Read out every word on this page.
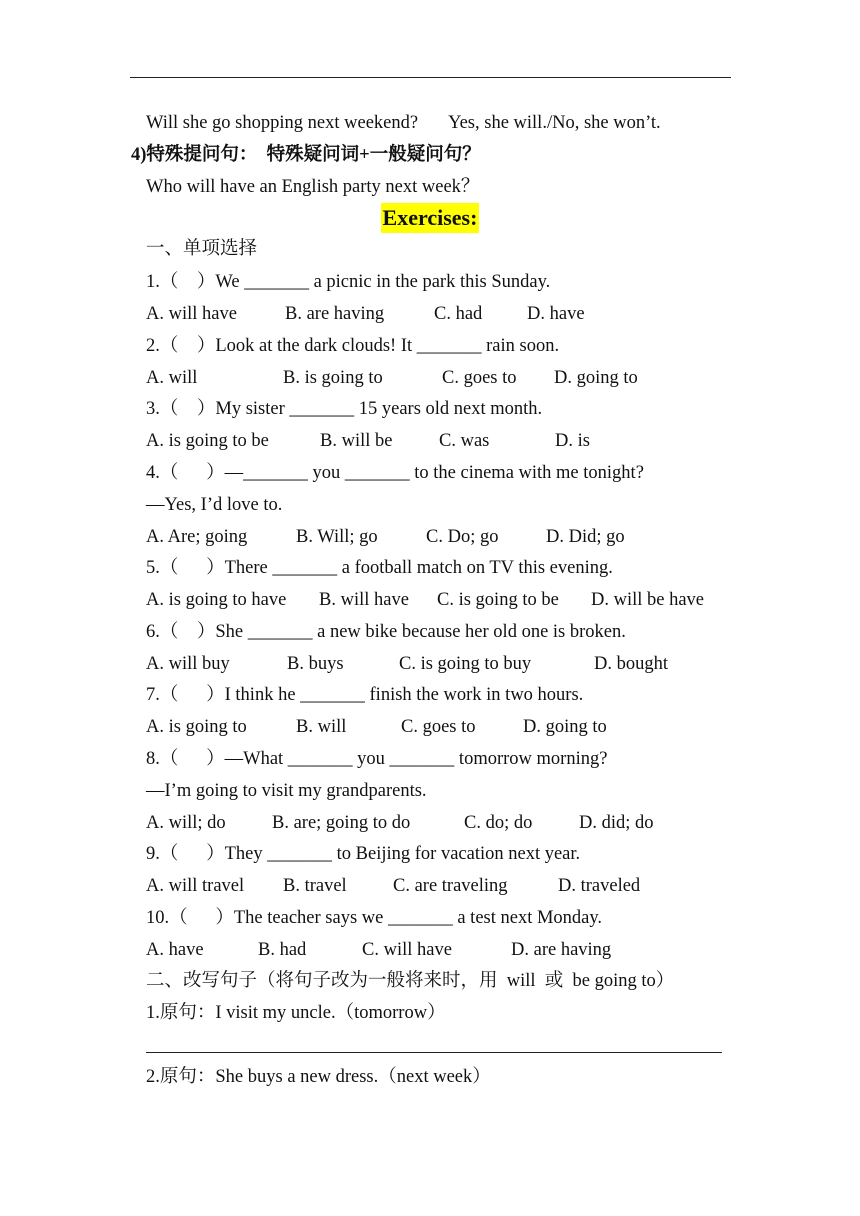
Will she go shopping next weekend? Yes, she will./No, she won’t.
4)特殊提问句：  特殊疑问词+一般疑问句？
Who will have an English party next week？
Exercises:
一、单项选择
1.（    ）We _______ a picnic in the park this Sunday.
A. will have	B. are having	C. had D. have
2.（    ）Look at the dark clouds! It _______ rain soon.
A. will	B. is going to	C. goes to D. going to
3.（    ）My sister _______ 15 years old next month.
A. is going to be	B. will be	C. was	D. is
4.（      ）—_______ you _______ to the cinema with me tonight?
—Yes, I’d love to.
A. Are; going	B. Will; go	C. Do; go	D. Did; go
5.（      ）There _______ a football match on TV this evening.
A. is going to have B. will have C. is going to be D. will be have
6.（    ）She _______ a new bike because her old one is broken.
A. will buy	B. buys	C. is going to buy	D. bought
7.（      ）I think he _______ finish the work in two hours.
A. is going to	B. will	C. goes to	D. going to
8.（      ）—What _______ you _______ tomorrow morning?
—I’m going to visit my grandparents.
A. will; do	B. are; going to do	C. do; do	D. did; do
9.（      ）They _______ to Beijing for vacation next year.
A. will travel B. travel	C. are traveling	D. traveled
10.（      ）The teacher says we _______ a test next Monday.
A. have	B. had	C. will have	D. are having
二、改写句子（将句子改为一般将来时，用  will  或  be going to）
1.原句：I visit my uncle.（tomorrow）
2.原句：She buys a new dress.（next week）
